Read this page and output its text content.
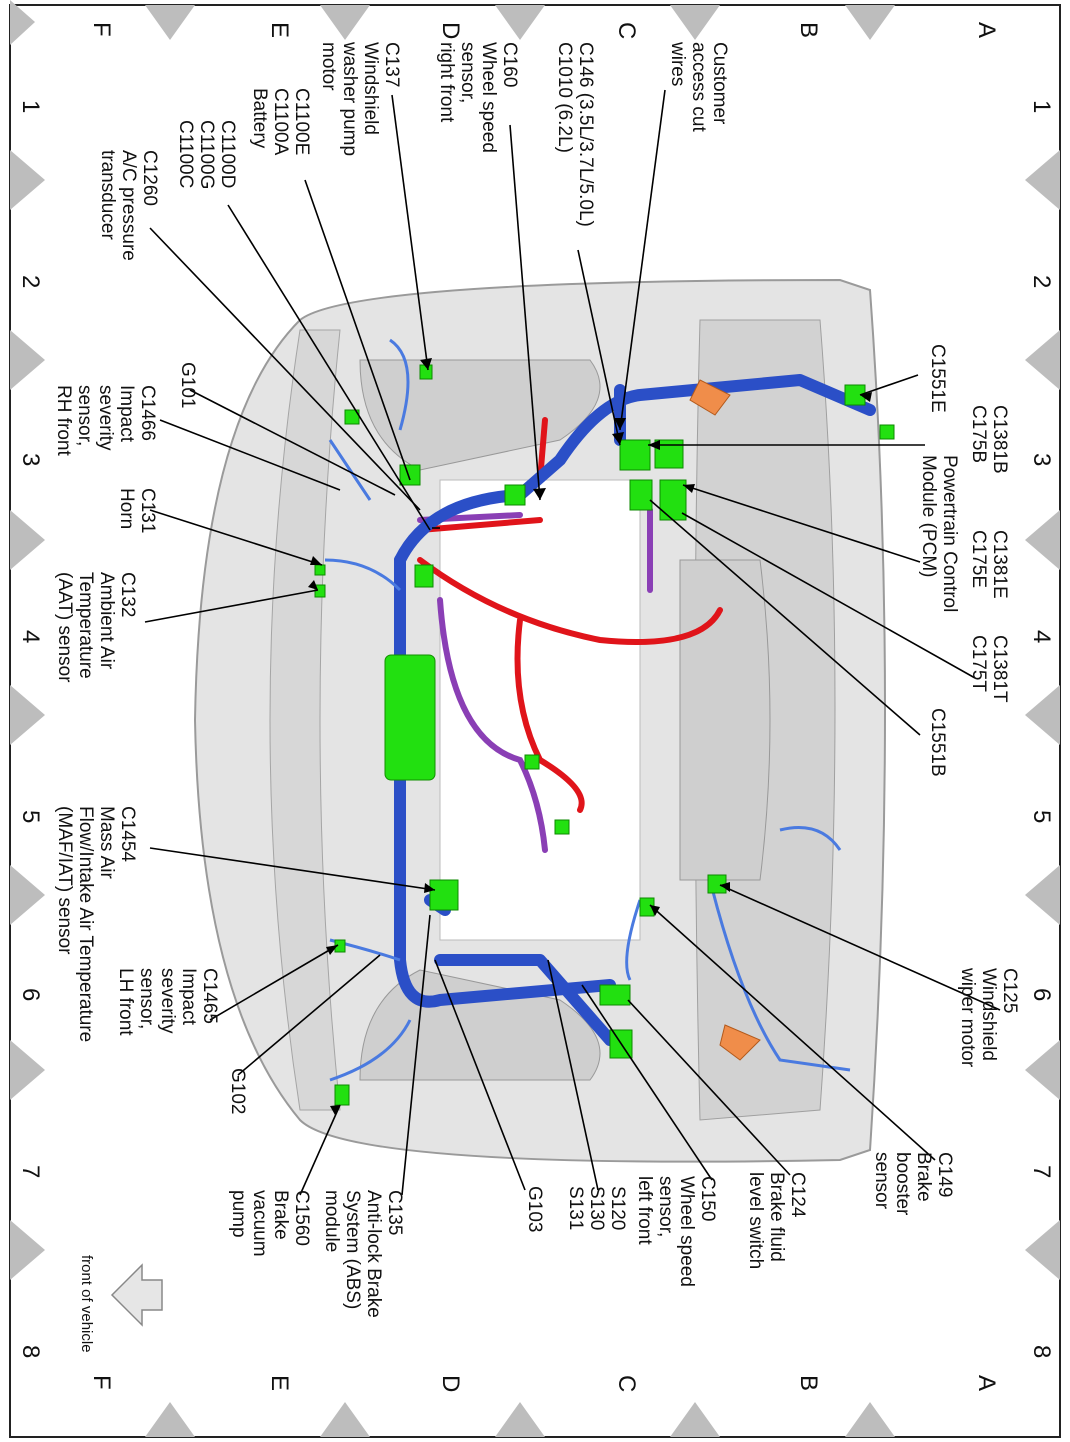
A
B
C
D
E
F
A
B
C
D
E
F
1
2
3
4
5
6
7
8
1
2
3
4
5
6
7
8
Customer
access cut
wires
C146 (3.5L/3.7L/5.0L)
C1010 (6.2L)
C160
Wheel speed
sensor,
right front
C137
Windshield
washer pump
motor
C1100E
C1100A
Battery
C1100D
C1100G
C1100C
C1260
A/C pressure
transducer
G101
C1466
Impact
severity
sensor,
RH front
C131
Horn
C132
Ambient Air
Temperature
(AAT) sensor
C1454
Mass Air
Flow/Intake Air Temperature
(MAF/IAT) sensor
C1465
Impact
severity
sensor,
LH front
G102
C1560
Brake
vacuum
pump	C135
Anti-lock Brake
System (ABS)
module	G103	S120
S130
S131	C150
Wheel speed
sensor,
left front
C124
Brake fluid
level switch
C149
Brake
booster
sensor
C125
Windshield
wiper motor
C1551E
C1381B
C175B
Powertrain Control
Module (PCM)	C1381E
C175E
C1381T
C175T
C1551B
front of vehicle
